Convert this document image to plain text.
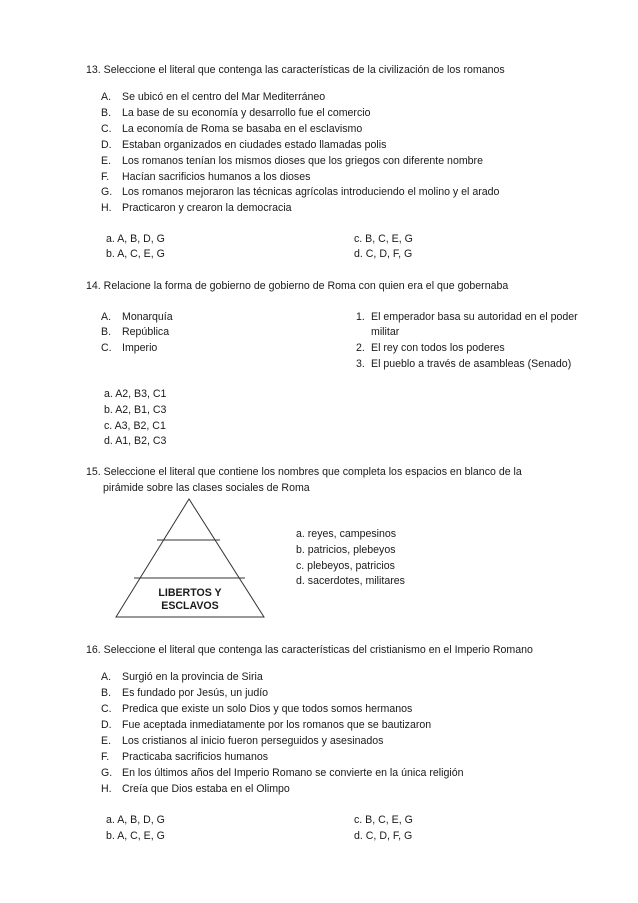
13. Seleccione el literal que contenga las características de la civilización de los romanos
A. Se ubicó en el centro del Mar Mediterráneo
B. La base de su economía y desarrollo fue el comercio
C. La economía de Roma se basaba en el esclavismo
D. Estaban organizados en ciudades estado llamadas polis
E. Los romanos tenían los mismos dioses que los griegos con diferente nombre
F. Hacían sacrificios humanos a los dioses
G. Los romanos mejoraron las técnicas agrícolas introduciendo el molino y el arado
H. Practicaron y crearon la democracia
a. A, B, D, G
b. A, C, E, G
c. B, C, E, G
d. C, D, F, G
14. Relacione la forma de gobierno de gobierno de Roma con quien era el que gobernaba
A. Monarquía
B. República
C. Imperio
1. El emperador basa su autoridad en el poder
militar
2. El rey con todos los poderes
3. El pueblo a través de asambleas (Senado)
a. A2, B3, C1
b. A2, B1, C3
c. A3, B2, C1
d. A1, B2, C3
15. Seleccione el literal que contiene los nombres que completa los espacios en blanco de la
pirámide sobre las clases sociales de Roma
LIBERTOS Y
ESCLAVOS
a. reyes, campesinos
b. patricios, plebeyos
c. plebeyos, patricios
d. sacerdotes, militares
16. Seleccione el literal que contenga las características del cristianismo en el Imperio Romano
A. Surgió en la provincia de Siria
B. Es fundado por Jesús, un judío
C. Predica que existe un solo Dios y que todos somos hermanos
D. Fue aceptada inmediatamente por los romanos que se bautizaron
E. Los cristianos al inicio fueron perseguidos y asesinados
F. Practicaba sacrificios humanos
G. En los últimos años del Imperio Romano se convierte en la única religión
H. Creía que Dios estaba en el Olimpo
a. A, B, D, G
b. A, C, E, G
c. B, C, E, G
d. C, D, F, G
